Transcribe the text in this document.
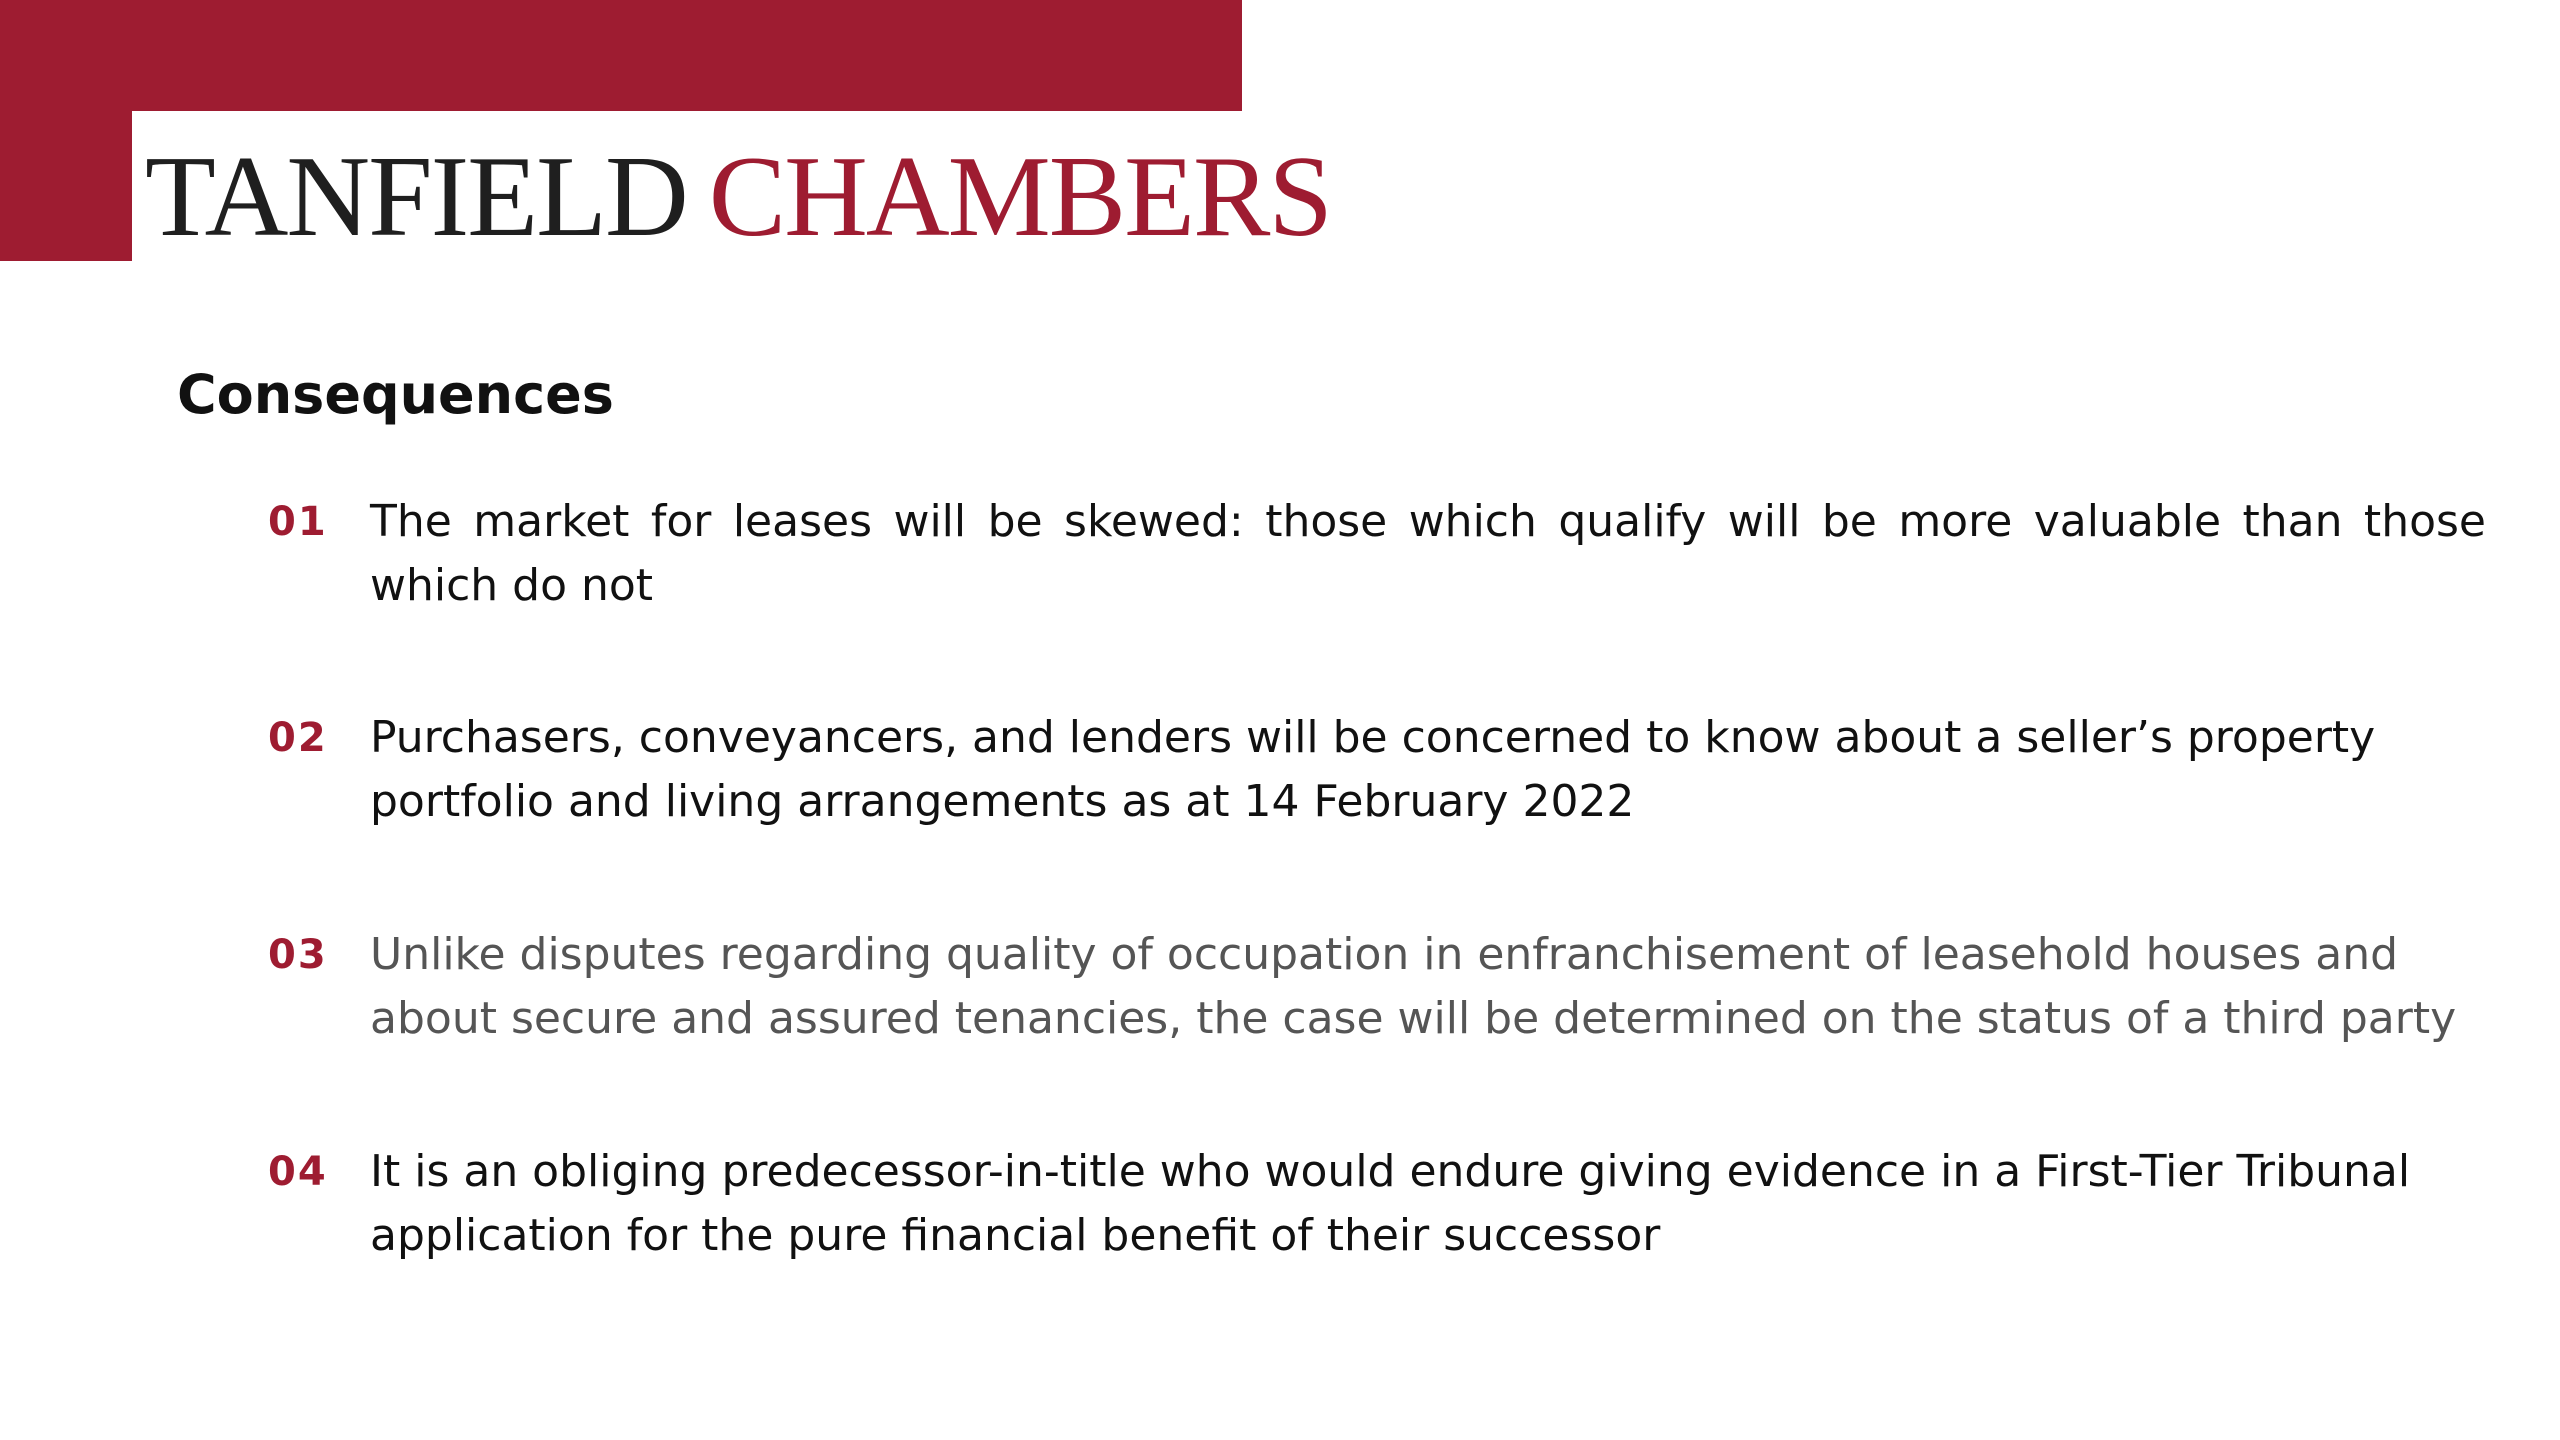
TANFIELD CHAMBERS
Consequences
01 The market for leases will be skewed: those which qualify will be more valuable than those which do not
02 Purchasers, conveyancers, and lenders will be concerned to know about a seller’s property portfolio and living arrangements as at 14 February 2022
03 Unlike disputes regarding quality of occupation in enfranchisement of leasehold houses and about secure and assured tenancies, the case will be determined on the status of a third party
04 It is an obliging predecessor-in-title who would endure giving evidence in a First-Tier Tribunal application for the pure financial benefit of their successor
